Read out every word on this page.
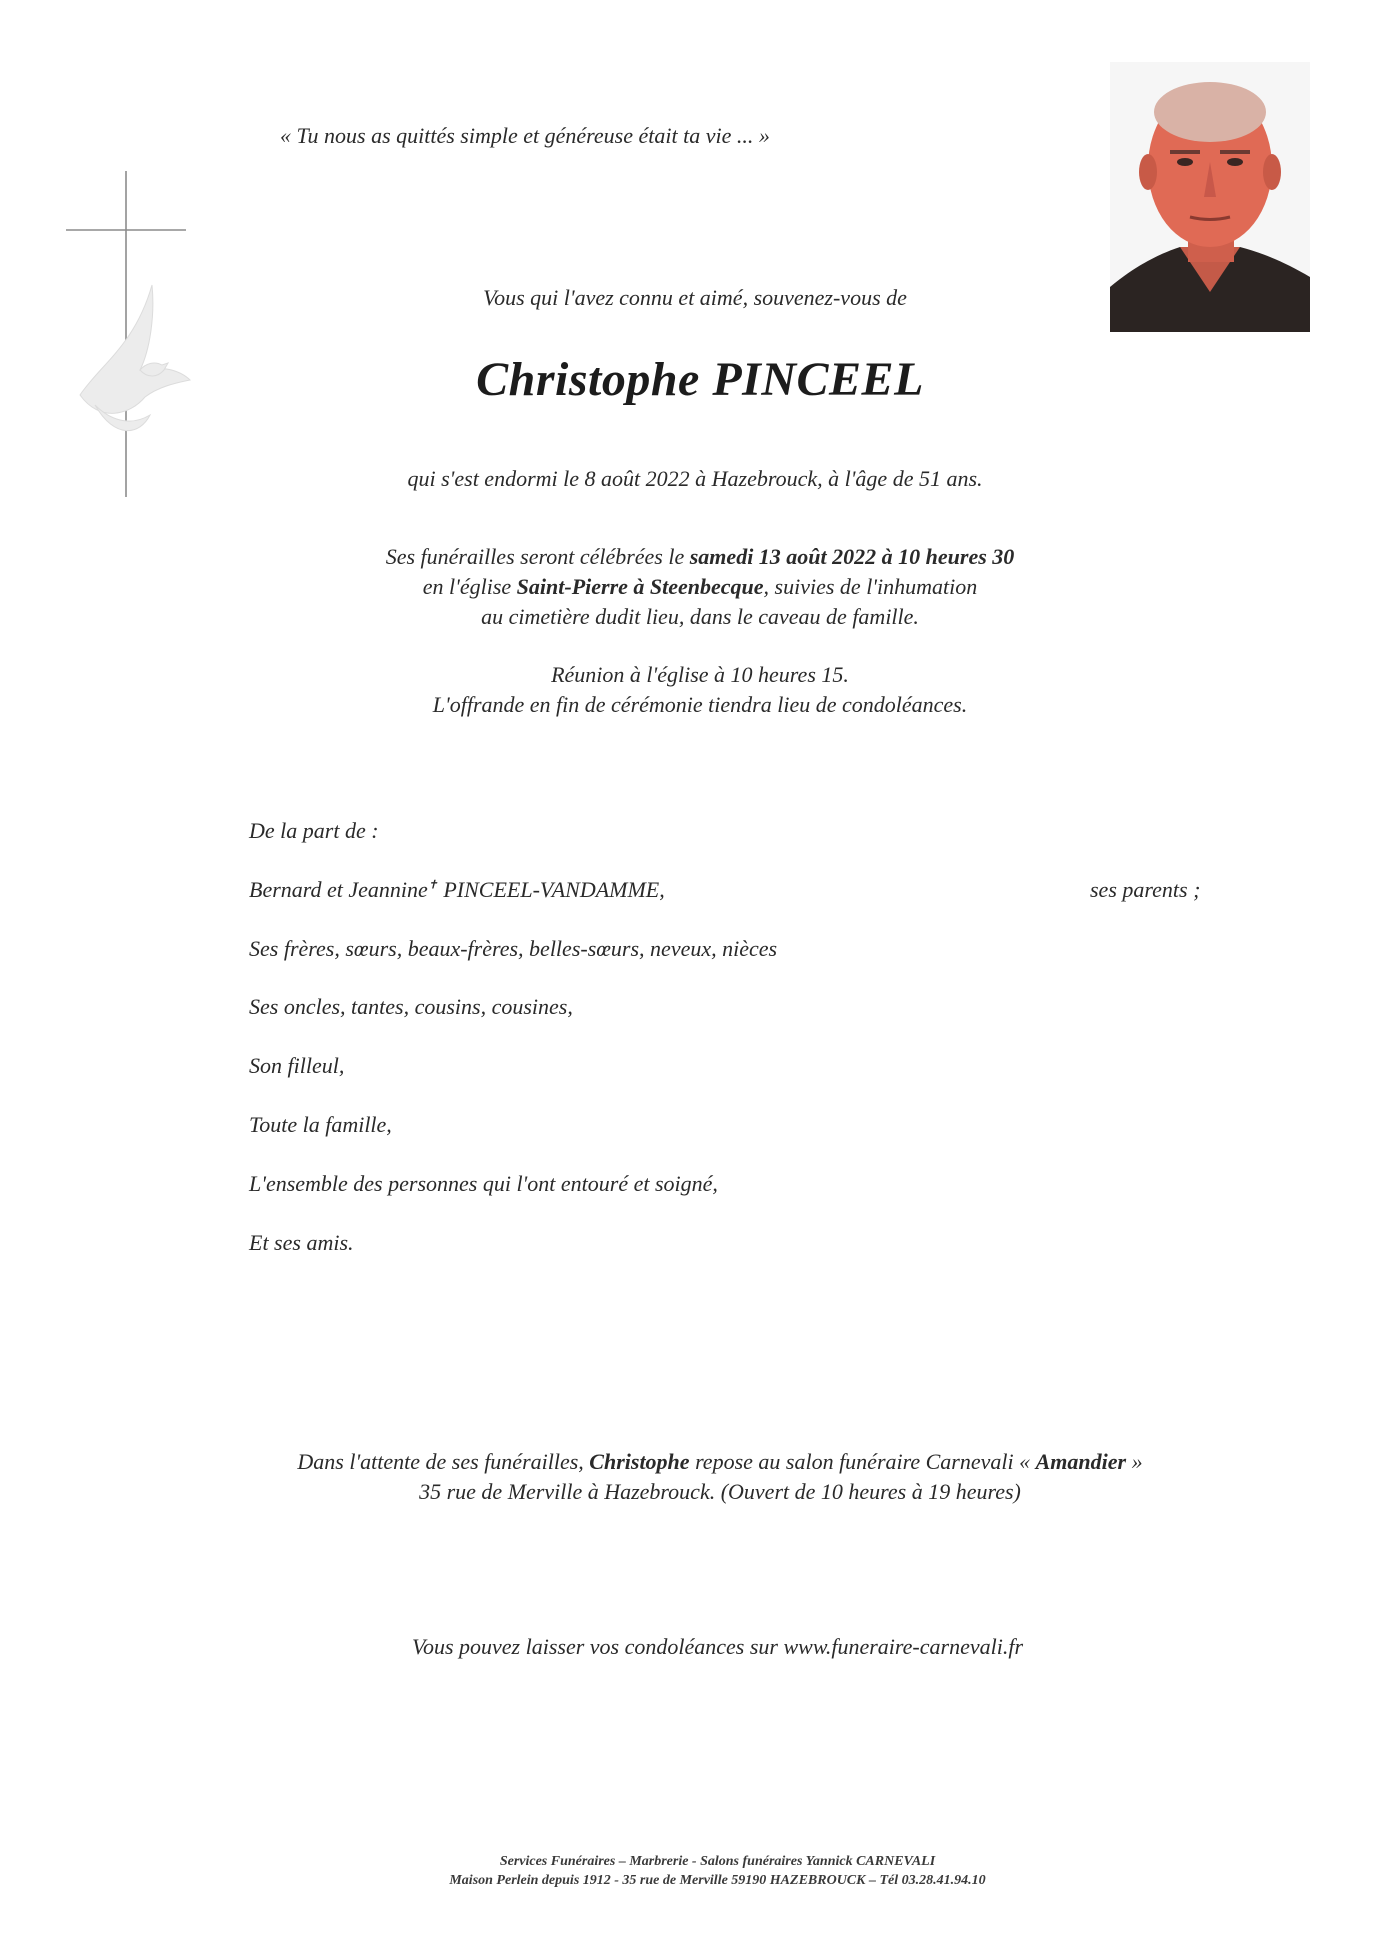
« Tu nous as quittés simple et généreuse était ta vie ... »
Vous qui l'avez connu et aimé, souvenez-vous de
Christophe PINCEEL
qui s'est endormi le 8 août 2022 à Hazebrouck, à l'âge de 51 ans.
Ses funérailles seront célébrées le samedi 13 août 2022 à 10 heures 30
en l'église Saint-Pierre à Steenbecque, suivies de l'inhumation
au cimetière dudit lieu, dans le caveau de famille.
Réunion à l'église à 10 heures 15.
L'offrande en fin de cérémonie tiendra lieu de condoléances.
De la part de :
Bernard et Jeannine✝ PINCEEL-VANDAMME,
Ses frères, sœurs, beaux-frères, belles-sœurs, neveux, nièces
Ses oncles, tantes, cousins, cousines,
Son filleul,
Toute la famille,
L'ensemble des personnes qui l'ont entouré et soigné,
Et ses amis.
ses parents ;
Dans l'attente de ses funérailles, Christophe repose au salon funéraire Carnevali « Amandier »
35 rue de Merville à Hazebrouck. (Ouvert de 10 heures à 19 heures)
Vous pouvez laisser vos condoléances sur www.funeraire-carnevali.fr
Services Funéraires – Marbrerie - Salons funéraires Yannick CARNEVALI
Maison Perlein depuis 1912 - 35 rue de Merville 59190 HAZEBROUCK – Tél 03.28.41.94.10
